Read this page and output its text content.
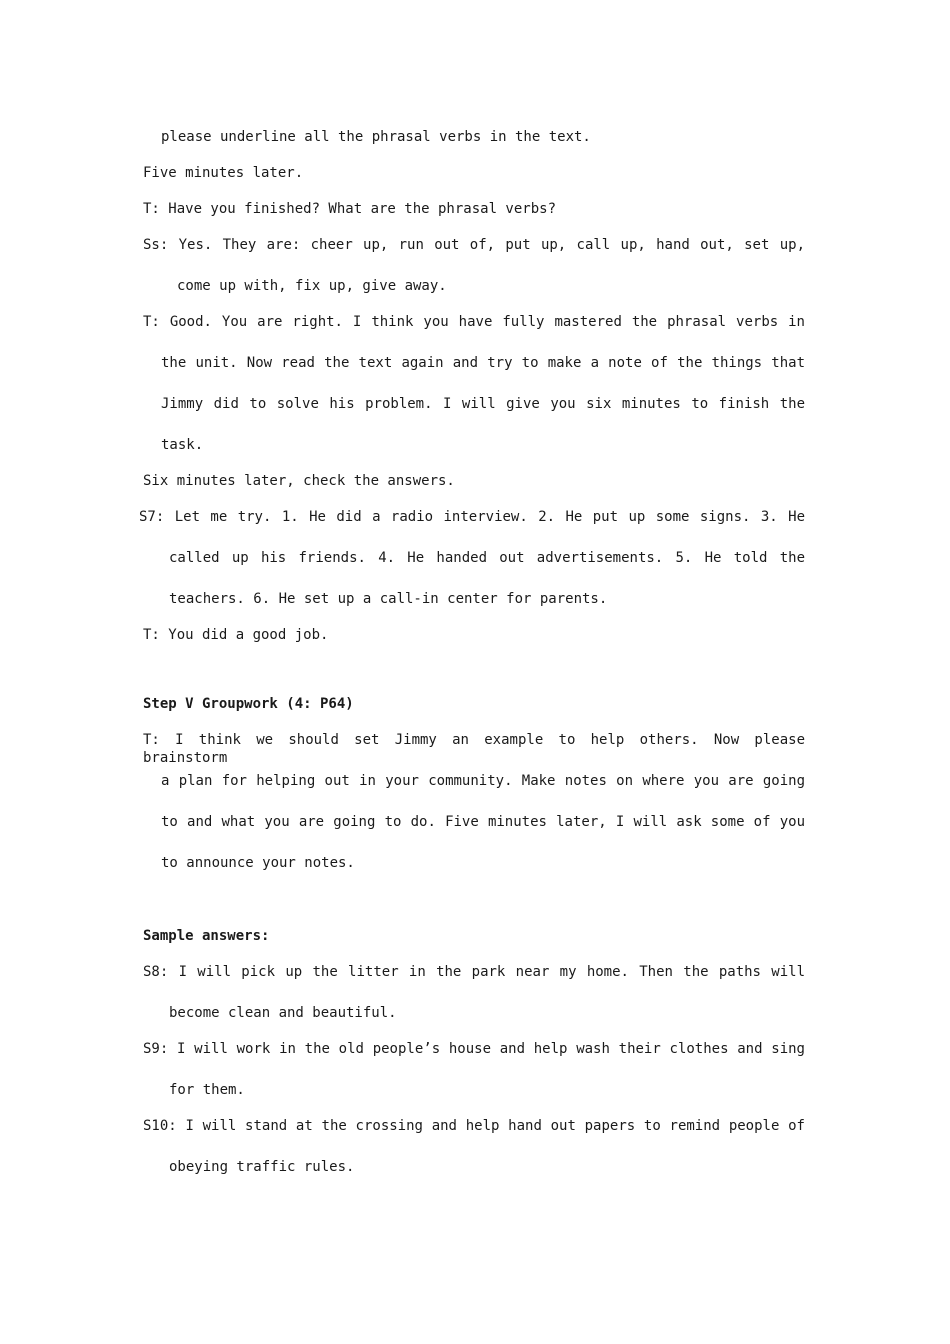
please underline all the phrasal verbs in the text.

Five minutes later.

T: Have you finished? What are the phrasal verbs?

Ss: Yes. They are: cheer up, run out of, put up, call up, hand out, set up,

come up with, fix up, give away.

T: Good. You are right. I think you have fully mastered the phrasal verbs in

the unit. Now read the text again and try to make a note of the things that

Jimmy did to solve his problem. I will give you six minutes to finish the

task.

Six minutes later, check the answers.

S7: Let me try. 1. He did a radio interview. 2. He put up some signs. 3. He

called up his friends. 4. He handed out advertisements. 5. He told the

teachers. 6. He set up a call-in center for parents.

T: You did a good job.

Step V Groupwork (4: P64)

T: I think we should set Jimmy an example to help others. Now please brainstorm

a plan for helping out in your community. Make notes on where you are going

to and what you are going to do. Five minutes later, I will ask some of you

to announce your notes.

Sample answers:

S8: I will pick up the litter in the park near my home. Then the paths will

become clean and beautiful.

S9: I will work in the old people’s house and help wash their clothes and sing

for them.

S10: I will stand at the crossing and help hand out papers to remind people of

obeying traffic rules.
